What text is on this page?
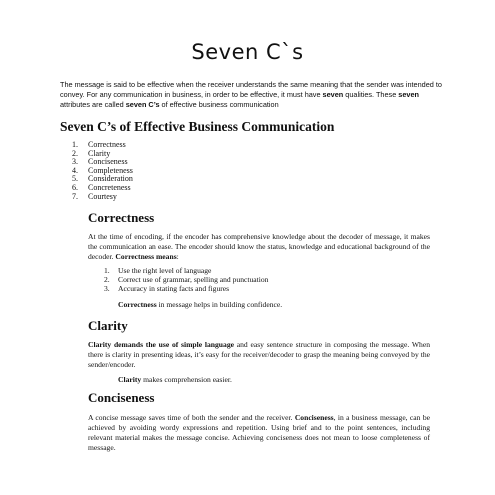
Seven C`s
The message is said to be effective when the receiver understands the same meaning that the sender was intended to convey. For any communication in business, in order to be effective, it must have seven qualities. These seven attributes are called seven C’s of effective business communication
Seven C’s of Effective Business Communication
1. Correctness
2. Clarity
3. Conciseness
4. Completeness
5. Consideration
6. Concreteness
7. Courtesy
Correctness
At the time of encoding, if the encoder has comprehensive knowledge about the decoder of message, it makes the communication an ease. The encoder should know the status, knowledge and educational background of the decoder. Correctness means:
1. Use the right level of language
2. Correct use of grammar, spelling and punctuation
3. Accuracy in stating facts and figures
Correctness in message helps in building confidence.
Clarity
Clarity demands the use of simple language and easy sentence structure in composing the message. When there is clarity in presenting ideas, it’s easy for the receiver/decoder to grasp the meaning being conveyed by the sender/encoder.
Clarity makes comprehension easier.
Conciseness
A concise message saves time of both the sender and the receiver. Conciseness, in a business message, can be achieved by avoiding wordy expressions and repetition. Using brief and to the point sentences, including relevant material makes the message concise. Achieving conciseness does not mean to loose completeness of message.
